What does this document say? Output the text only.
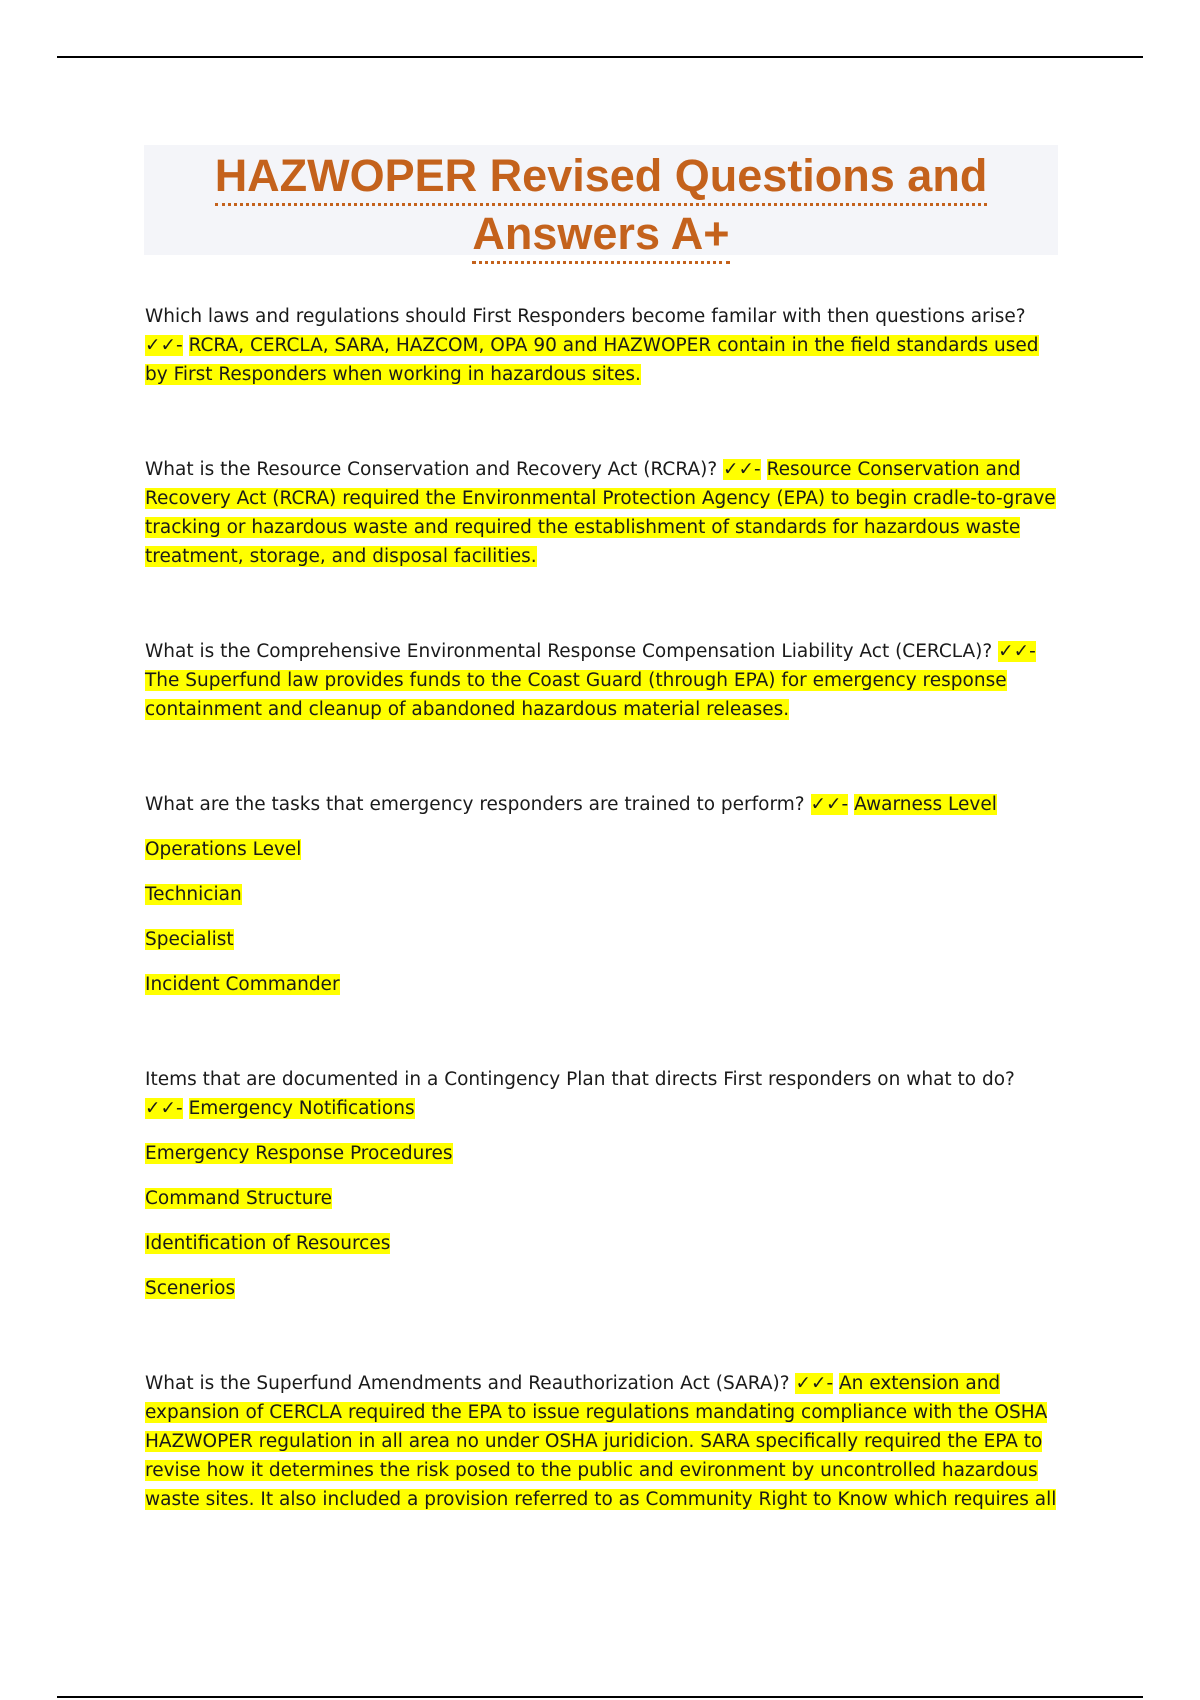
HAZWOPER Revised Questions and
Answers A+

Which laws and regulations should First Responders become familar with then questions arise? ✓✓- RCRA, CERCLA, SARA, HAZCOM, OPA 90 and HAZWOPER contain in the field standards used by First Responders when working in hazardous sites.

What is the Resource Conservation and Recovery Act (RCRA)? ✓✓- Resource Conservation and Recovery Act (RCRA) required the Environmental Protection Agency (EPA) to begin cradle-to-grave tracking or hazardous waste and required the establishment of standards for hazardous waste treatment, storage, and disposal facilities.

What is the Comprehensive Environmental Response Compensation Liability Act (CERCLA)? ✓✓- The Superfund law provides funds to the Coast Guard (through EPA) for emergency response containment and cleanup of abandoned hazardous material releases.

What are the tasks that emergency responders are trained to perform? ✓✓- Awarness Level

Operations Level
Technician
Specialist
Incident Commander

Items that are documented in a Contingency Plan that directs First responders on what to do? ✓✓- Emergency Notifications

Emergency Response Procedures
Command Structure
Identification of Resources
Scenerios

What is the Superfund Amendments and Reauthorization Act (SARA)? ✓✓- An extension and expansion of CERCLA required the EPA to issue regulations mandating compliance with the OSHA HAZWOPER regulation in all area no under OSHA juridicion. SARA specifically required the EPA to revise how it determines the risk posed to the public and evironment by uncontrolled hazardous waste sites. It also included a provision referred to as Community Right to Know which requires all
